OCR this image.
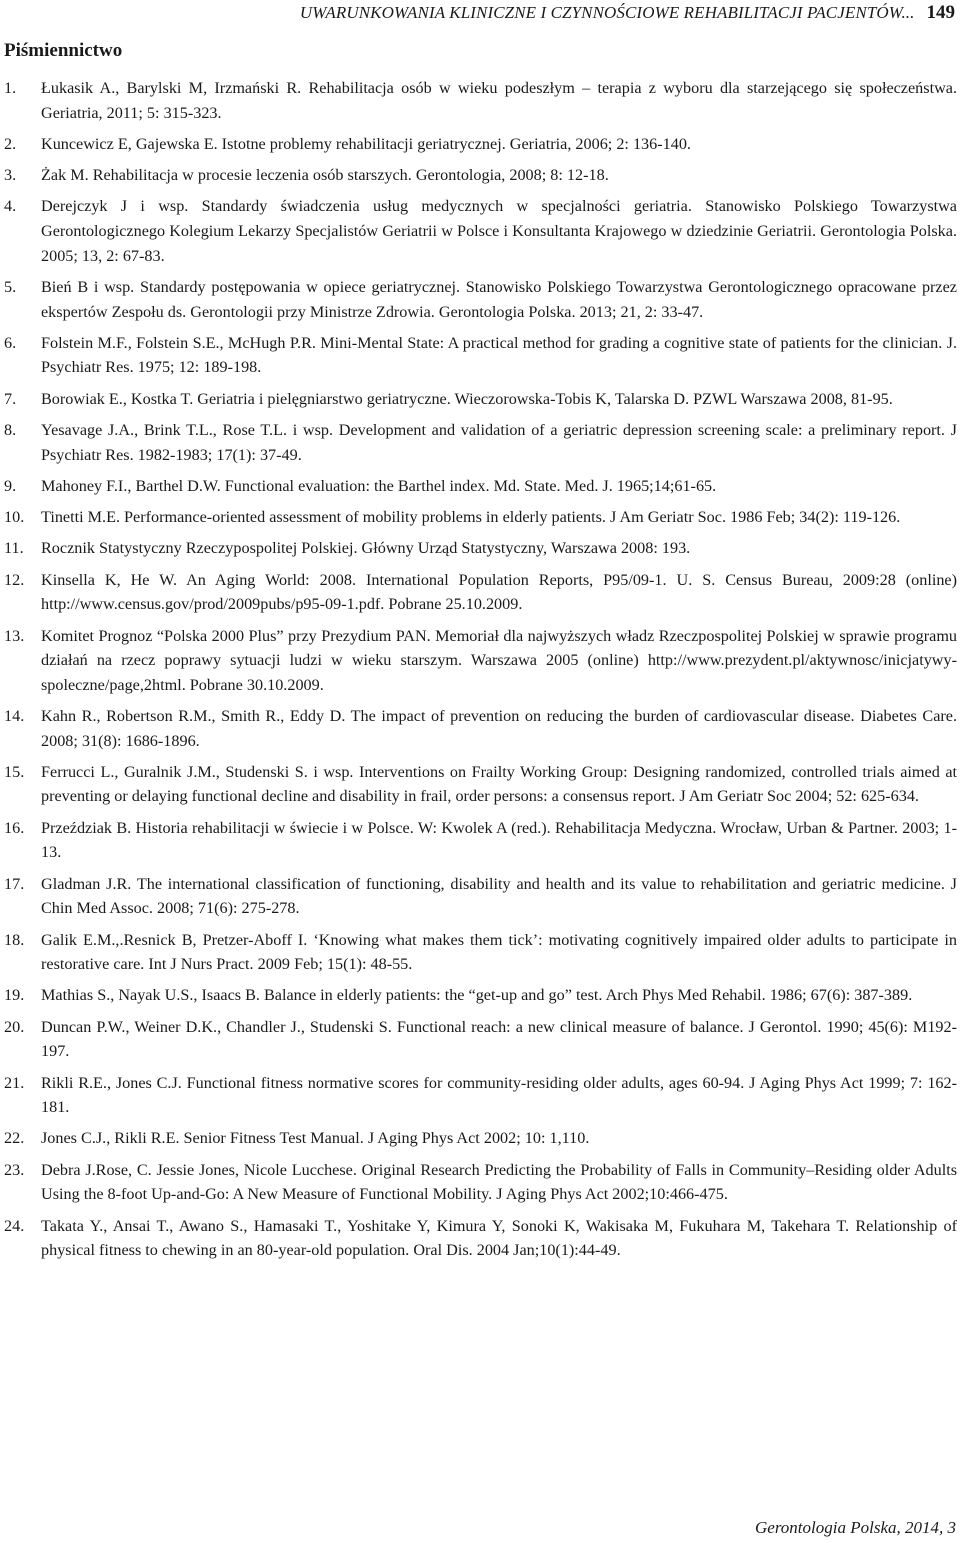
UWARUNKOWANIA KLINICZNE I CZYNNOŚCIOWE REHABILITACJI PACJENTÓW... 149
Piśmiennictwo
1.	Łukasik A., Barylski M, Irzmański R. Rehabilitacja osób w wieku podeszłym – terapia z wyboru dla starzejącego się społeczeństwa. Geriatria, 2011; 5: 315-323.
2.	Kuncewicz E, Gajewska E. Istotne problemy rehabilitacji geriatrycznej. Geriatria, 2006; 2: 136-140.
3.	Żak M. Rehabilitacja w procesie leczenia osób starszych. Gerontologia, 2008; 8: 12-18.
4.	Derejczyk J i wsp. Standardy świadczenia usług medycznych w specjalności geriatria. Stanowisko Polskiego Towarzystwa Gerontologicznego Kolegium Lekarzy Specjalistów Geriatrii w Polsce i Konsultanta Krajowego w dziedzinie Geriatrii. Gerontologia Polska. 2005; 13, 2: 67-83.
5.	Bień B i wsp. Standardy postępowania w opiece geriatrycznej. Stanowisko Polskiego Towarzystwa Gerontologicznego opracowane przez ekspertów Zespołu ds. Gerontologii przy Ministrze Zdrowia. Gerontologia Polska. 2013; 21, 2: 33-47.
6.	Folstein M.F., Folstein S.E., McHugh P.R. Mini-Mental State: A practical method for grading a cognitive state of patients for the clinician. J. Psychiatr Res. 1975; 12: 189-198.
7.	Borowiak E., Kostka T. Geriatria i pielęgniarstwo geriatryczne. Wieczorowska-Tobis K, Talarska D. PZWL Warszawa 2008, 81-95.
8.	Yesavage J.A., Brink T.L., Rose T.L. i wsp. Development and validation of a geriatric depression screening scale: a preliminary report. J Psychiatr Res. 1982-1983; 17(1): 37-49.
9.	Mahoney F.I., Barthel D.W. Functional evaluation: the Barthel index. Md. State. Med. J. 1965;14;61-65.
10.	Tinetti M.E. Performance-oriented assessment of mobility problems in elderly patients. J Am Geriatr Soc. 1986 Feb; 34(2): 119-126.
11.	Rocznik Statystyczny Rzeczypospolitej Polskiej. Główny Urząd Statystyczny, Warszawa 2008: 193.
12.	Kinsella K, He W. An Aging World: 2008. International Population Reports, P95/09-1. U. S. Census Bureau, 2009:28 (online) http://www.census.gov/prod/2009pubs/p95-09-1.pdf. Pobrane 25.10.2009.
13.	Komitet Prognoz “Polska 2000 Plus” przy Prezydium PAN. Memoriał dla najwyższych władz Rzeczpospolitej Polskiej w sprawie programu działań na rzecz poprawy sytuacji ludzi w wieku starszym. Warszawa 2005 (online) http://www.prezydent.pl/aktywnosc/inicjatywy-spoleczne/page,2html. Pobrane 30.10.2009.
14.	Kahn R., Robertson R.M., Smith R., Eddy D. The impact of prevention on reducing the burden of cardiovascular disease. Diabetes Care. 2008; 31(8): 1686-1896.
15.	Ferrucci L., Guralnik J.M., Studenski S. i wsp. Interventions on Frailty Working Group: Designing randomized, controlled trials aimed at preventing or delaying functional decline and disability in frail, order persons: a consensus report. J Am Geriatr Soc 2004; 52: 625-634.
16.	Przeździak B. Historia rehabilitacji w świecie i w Polsce. W: Kwolek A (red.). Rehabilitacja Medyczna. Wrocław, Urban & Partner. 2003; 1-13.
17.	Gladman J.R. The international classification of functioning, disability and health and its value to rehabilitation and geriatric medicine. J Chin Med Assoc. 2008; 71(6): 275-278.
18.	Galik E.M.,.Resnick B, Pretzer-Aboff I. ‘Knowing what makes them tick’: motivating cognitively impaired older adults to participate in restorative care. Int J Nurs Pract. 2009 Feb; 15(1): 48-55.
19.	Mathias S., Nayak U.S., Isaacs B. Balance in elderly patients: the “get-up and go” test. Arch Phys Med Rehabil. 1986; 67(6): 387-389.
20.	Duncan P.W., Weiner D.K., Chandler J., Studenski S. Functional reach: a new clinical measure of balance. J Gerontol. 1990; 45(6): M192-197.
21.	Rikli R.E., Jones C.J. Functional fitness normative scores for community-residing older adults, ages 60-94. J Aging Phys Act 1999; 7: 162-181.
22.	Jones C.J., Rikli R.E. Senior Fitness Test Manual. J Aging Phys Act 2002; 10: 1,110.
23.	Debra J.Rose, C. Jessie Jones, Nicole Lucchese. Original Research Predicting the Probability of Falls in Community–Residing older Adults Using the 8-foot Up-and-Go: A New Measure of Functional Mobility. J Aging Phys Act 2002;10:466-475.
24.	Takata Y., Ansai T., Awano S., Hamasaki T., Yoshitake Y, Kimura Y, Sonoki K, Wakisaka M, Fukuhara M, Takehara T. Relationship of physical fitness to chewing in an 80-year-old population. Oral Dis. 2004 Jan;10(1):44-49.
Gerontologia Polska, 2014, 3
